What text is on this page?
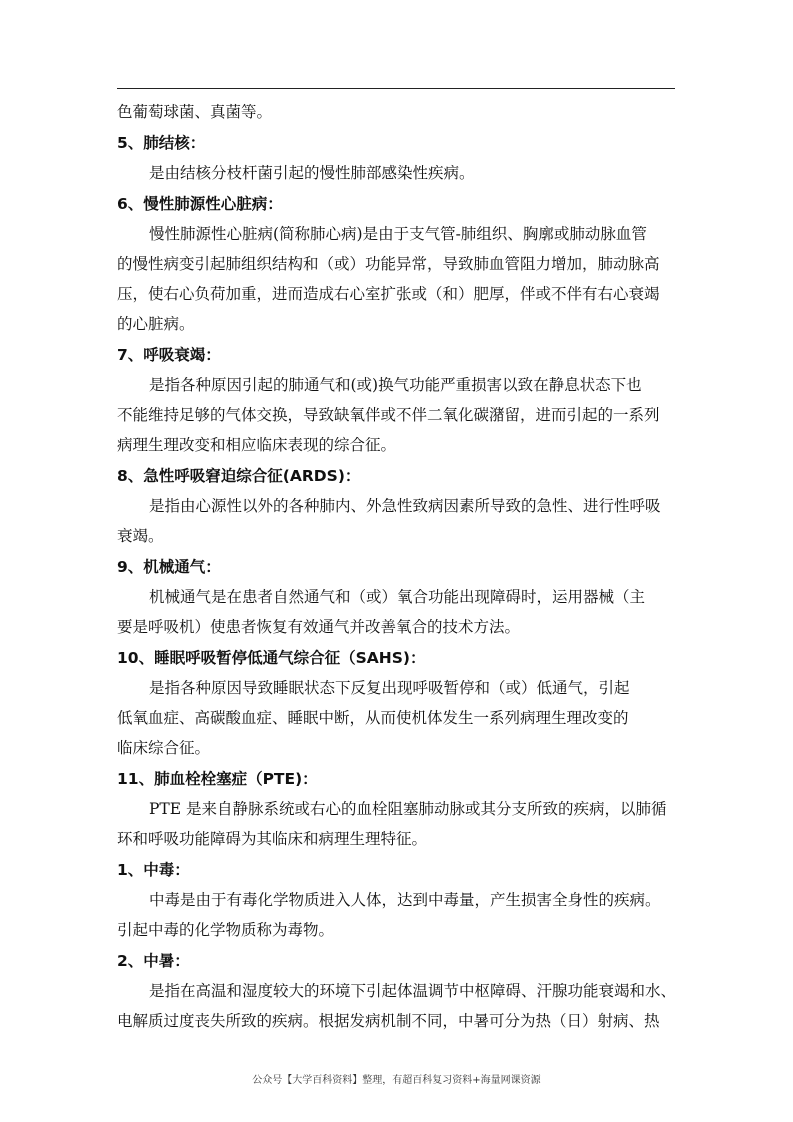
色葡萄球菌、真菌等。

5、肺结核：

是由结核分枝杆菌引起的慢性肺部感染性疾病。

6、慢性肺源性心脏病：

慢性肺源性心脏病(简称肺心病)是由于支气管-肺组织、胸廓或肺动脉血管

的慢性病变引起肺组织结构和（或）功能异常，导致肺血管阻力增加，肺动脉高

压，使右心负荷加重，进而造成右心室扩张或（和）肥厚，伴或不伴有右心衰竭

的心脏病。

7、呼吸衰竭：

是指各种原因引起的肺通气和(或)换气功能严重损害以致在静息状态下也

不能维持足够的气体交换，导致缺氧伴或不伴二氧化碳潴留，进而引起的一系列

病理生理改变和相应临床表现的综合征。

8、急性呼吸窘迫综合征(ARDS)：

是指由心源性以外的各种肺内、外急性致病因素所导致的急性、进行性呼吸

衰竭。

9、机械通气：

机械通气是在患者自然通气和（或）氧合功能出现障碍时，运用器械（主

要是呼吸机）使患者恢复有效通气并改善氧合的技术方法。

10、睡眠呼吸暂停低通气综合征（SAHS)：

是指各种原因导致睡眠状态下反复出现呼吸暂停和（或）低通气，引起

低氧血症、高碳酸血症、睡眠中断，从而使机体发生一系列病理生理改变的

临床综合征。

11、肺血栓栓塞症（PTE)：

PTE 是来自静脉系统或右心的血栓阻塞肺动脉或其分支所致的疾病，以肺循

环和呼吸功能障碍为其临床和病理生理特征。

1、中毒：

中毒是由于有毒化学物质进入人体，达到中毒量，产生损害全身性的疾病。

引起中毒的化学物质称为毒物。

2、中暑：

是指在高温和湿度较大的环境下引起体温调节中枢障碍、汗腺功能衰竭和水、

电解质过度丧失所致的疾病。根据发病机制不同，中暑可分为热（日）射病、热

公众号【大学百科资料】整理，有超百科复习资料+海量网课资源
